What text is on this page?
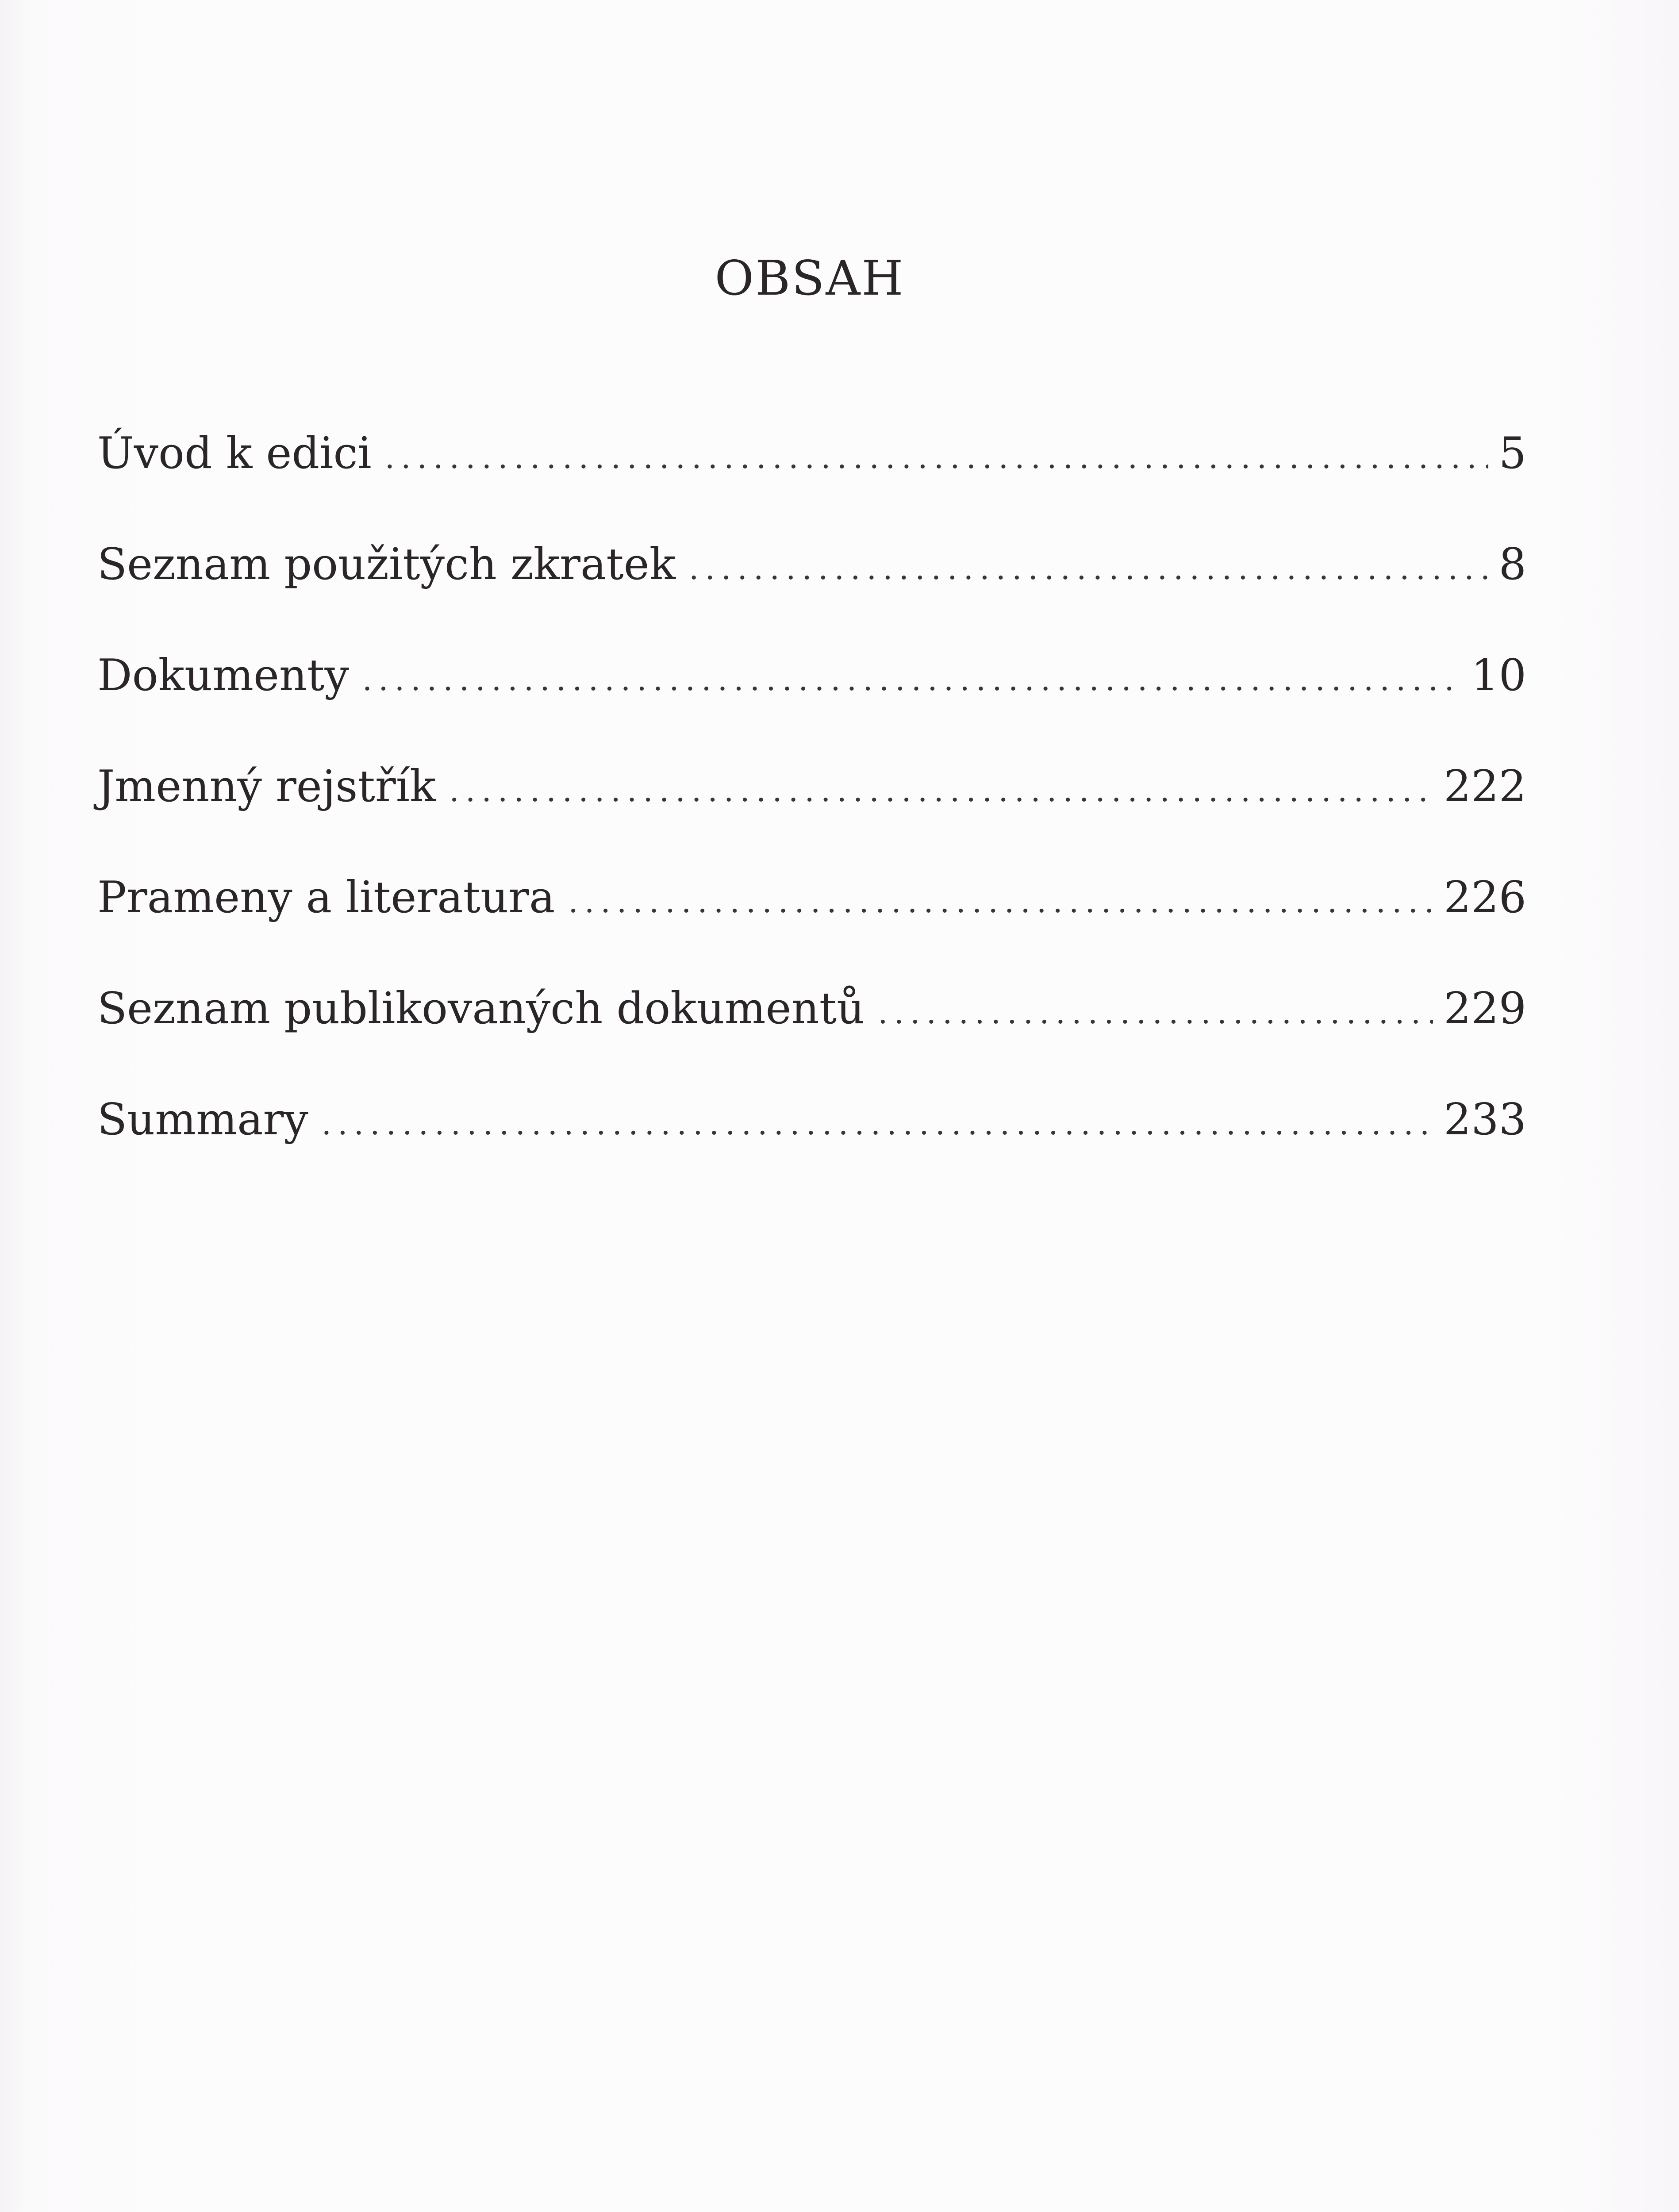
OBSAH
Úvod k edici . . .	5
Seznam použitých zkratek . . .	8
Dokumenty . . .	10
Jmenný rejstřík . . .	222
Prameny a literatura . . .	226
Seznam publikovaných dokumentů . . .	229
Summary . . .	233
